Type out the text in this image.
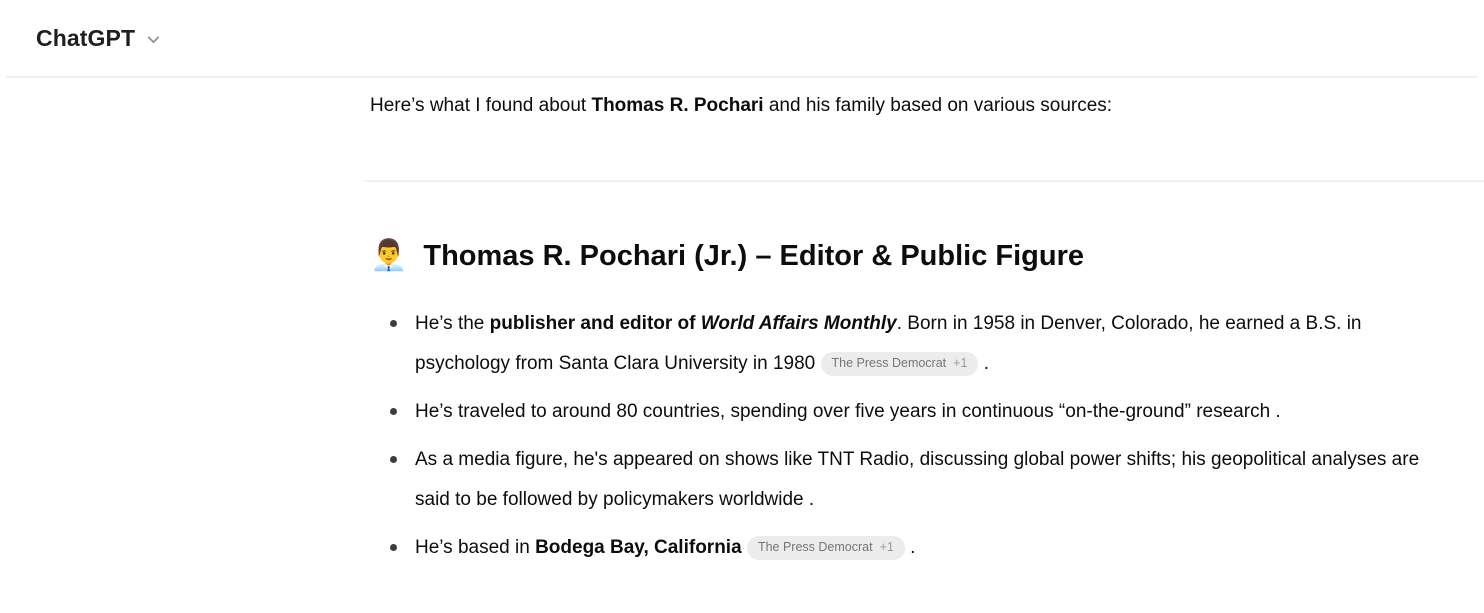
ChatGPT

Here’s what I found about Thomas R. Pochari and his family based on various sources:

👨‍💼 Thomas R. Pochari (Jr.) – Editor & Public Figure
He’s the publisher and editor of World Affairs Monthly. Born in 1958 in Denver, Colorado, he earned a B.S. in psychology from Santa Clara University in 1980 The Press Democrat +1 .
He’s traveled to around 80 countries, spending over five years in continuous “on-the-ground” research .
As a media figure, he's appeared on shows like TNT Radio, discussing global power shifts; his geopolitical analyses are said to be followed by policymakers worldwide .
He’s based in Bodega Bay, California The Press Democrat +1 .
